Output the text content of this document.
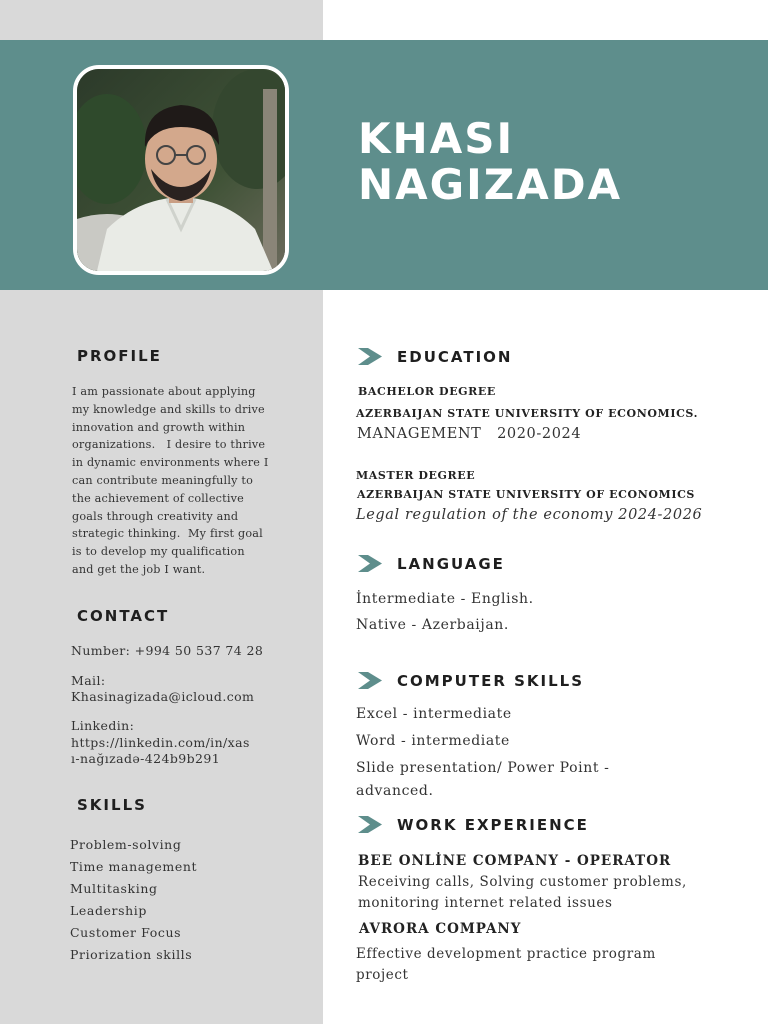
KHASI
NAGIZADA
PROFILE
I am passionate about applying
my knowledge and skills to drive
innovation and growth within
organizations.   I desire to thrive
in dynamic environments where I
can contribute meaningfully to
the achievement of collective
goals through creativity and
strategic thinking.  My first goal
is to develop my qualification
and get the job I want.
CONTACT
Number: +994 50 537 74 28
Mail:
Khasinagizada@icloud.com
Linkedin:
https://linkedin.com/in/xas
ı-nağızadə-424b9b291
SKILLS
Problem-solving
Time management
Multitasking
Leadership
Customer Focus
Priorization skills
EDUCATION
BACHELOR DEGREE
AZERBAIJAN STATE UNIVERSITY OF ECONOMICS.
MANAGEMENT   2020-2024
MASTER DEGREE
AZERBAIJAN STATE UNIVERSITY OF ECONOMICS
Legal regulation of the economy 2024-2026
LANGUAGE
İntermediate - English.
Native - Azerbaijan.
COMPUTER SKILLS
Excel - intermediate
Word - intermediate
Slide presentation/ Power Point -
advanced.
WORK EXPERIENCE
BEE ONLİNE COMPANY - OPERATOR
Receiving calls, Solving customer problems,
monitoring internet related issues
AVRORA COMPANY
Effective development practice program
project
